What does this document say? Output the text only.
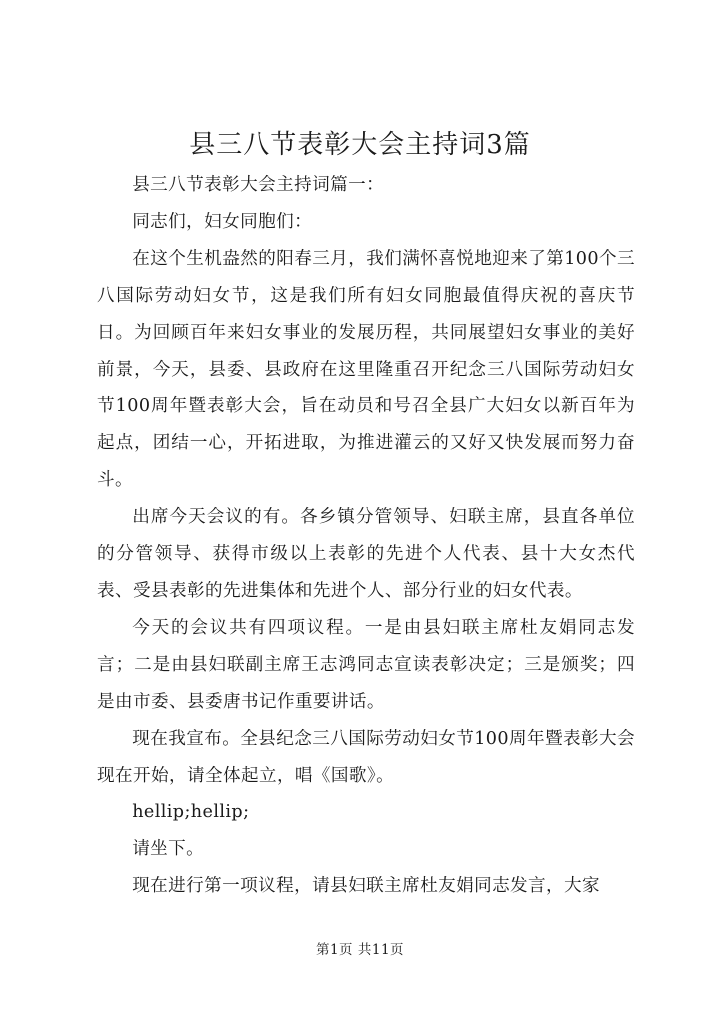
县三八节表彰大会主持词3篇

县三八节表彰大会主持词篇一：

同志们，妇女同胞们：

在这个生机盎然的阳春三月，我们满怀喜悦地迎来了第100个三八国际劳动妇女节，这是我们所有妇女同胞最值得庆祝的喜庆节日。为回顾百年来妇女事业的发展历程，共同展望妇女事业的美好前景，今天，县委、县政府在这里隆重召开纪念三八国际劳动妇女节100周年暨表彰大会，旨在动员和号召全县广大妇女以新百年为起点，团结一心，开拓进取，为推进灌云的又好又快发展而努力奋斗。

出席今天会议的有。各乡镇分管领导、妇联主席，县直各单位的分管领导、获得市级以上表彰的先进个人代表、县十大女杰代表、受县表彰的先进集体和先进个人、部分行业的妇女代表。

今天的会议共有四项议程。一是由县妇联主席杜友娟同志发言；二是由县妇联副主席王志鸿同志宣读表彰决定；三是颁奖；四是由市委、县委唐书记作重要讲话。

现在我宣布。全县纪念三八国际劳动妇女节100周年暨表彰大会现在开始，请全体起立，唱《国歌》。

hellip;hellip;

请坐下。

现在进行第一项议程，请县妇联主席杜友娟同志发言，大家

第1页 共11页
